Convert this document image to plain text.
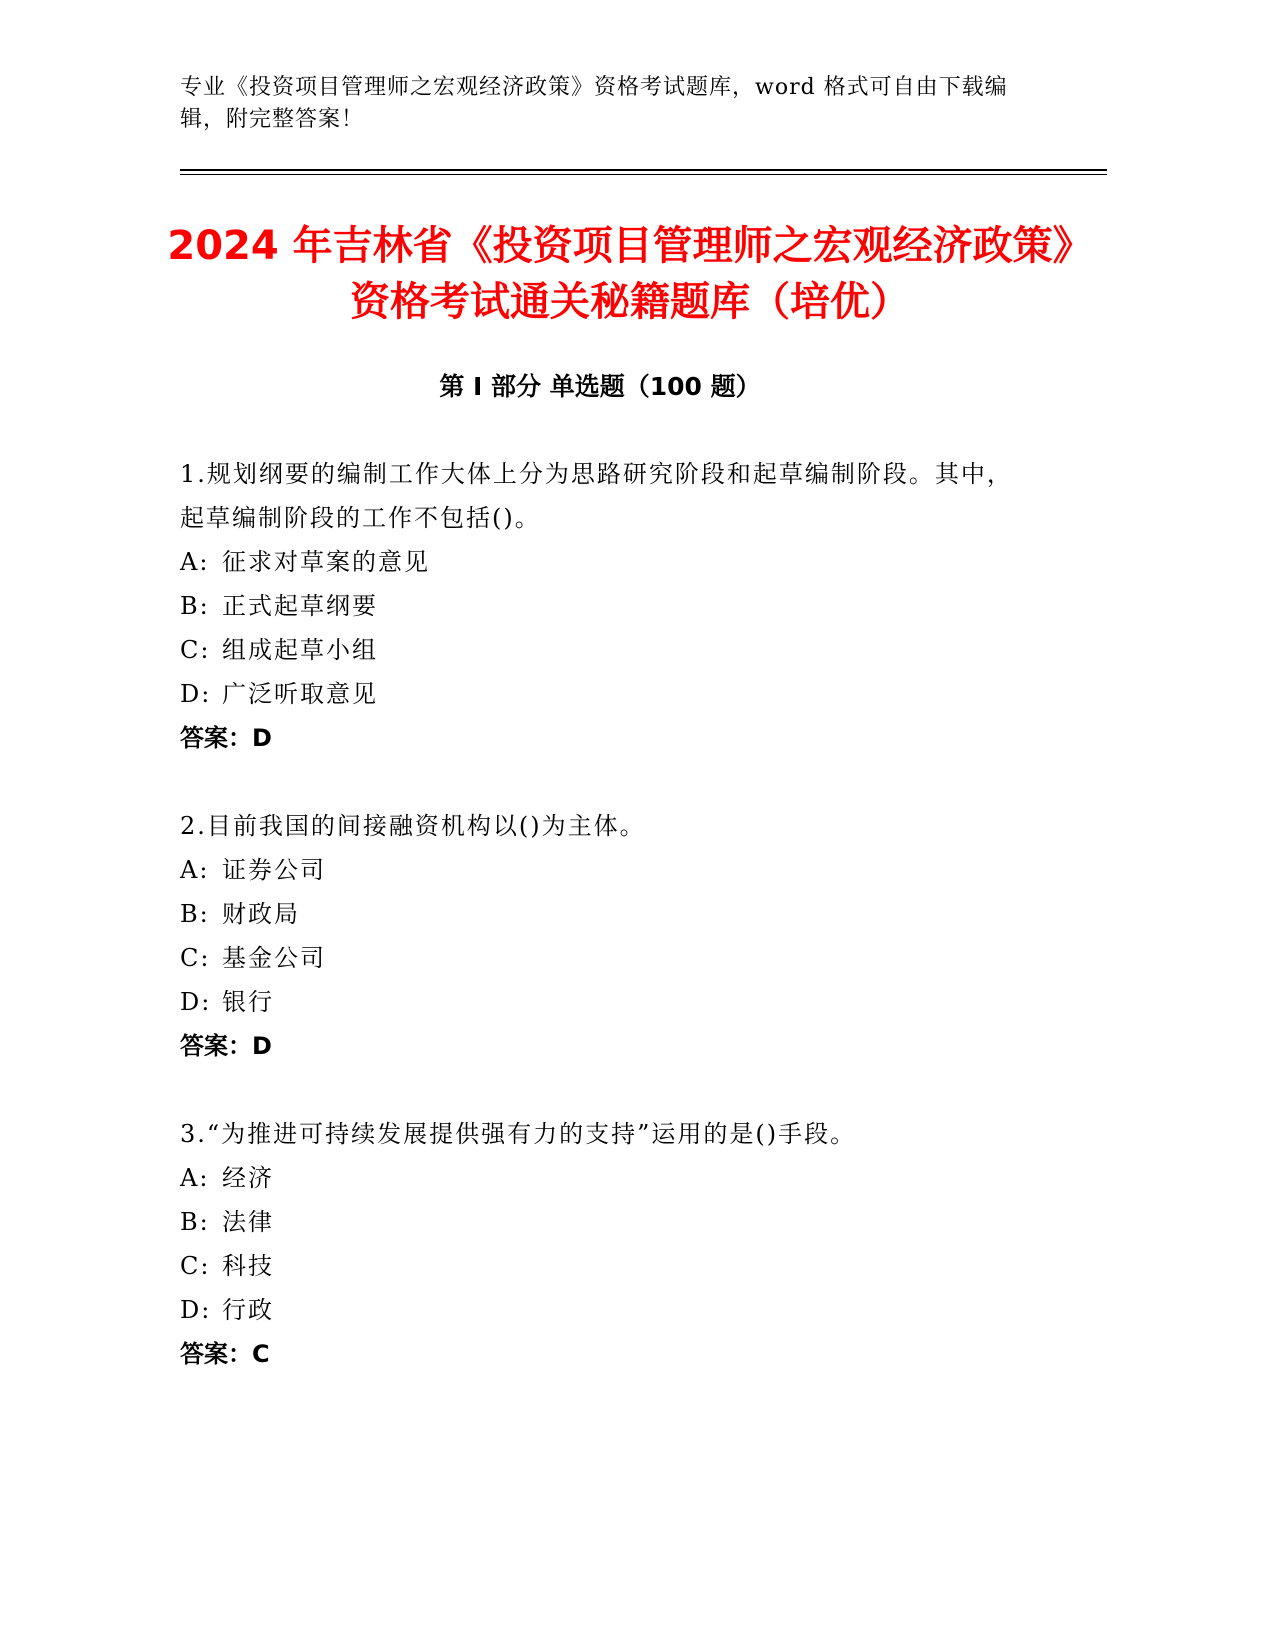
专业《投资项目管理师之宏观经济政策》资格考试题库，word 格式可自由下载编辑，附完整答案！
2024 年吉林省《投资项目管理师之宏观经济政策》资格考试通关秘籍题库（培优）
第 I 部分 单选题（100 题）
1.规划纲要的编制工作大体上分为思路研究阶段和起草编制阶段。其中，起草编制阶段的工作不包括()。
A: 征求对草案的意见
B: 正式起草纲要
C: 组成起草小组
D: 广泛听取意见
答案：D
2.目前我国的间接融资机构以()为主体。
A: 证券公司
B: 财政局
C: 基金公司
D: 银行
答案：D
3.“为推进可持续发展提供强有力的支持”运用的是()手段。
A: 经济
B: 法律
C: 科技
D: 行政
答案：C
